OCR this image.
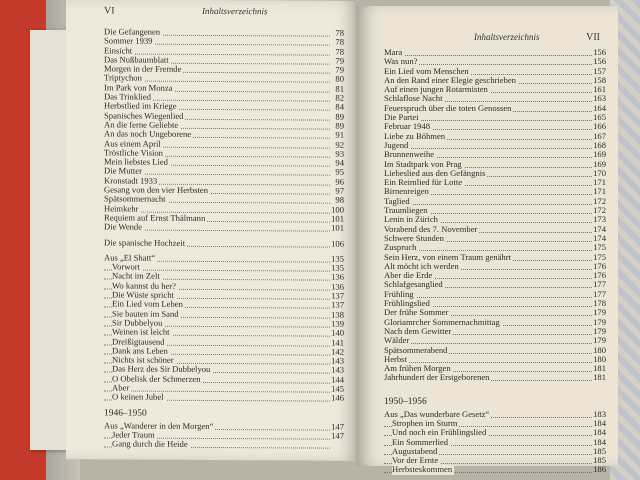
VI	Inhaltsverzeichnis
Die Gefangenen	78
Sommer 1939	78
Einsicht	78
Das Nußbaumblatt	79
Morgen in der Fremde	79
Triptychon	80
Im Park von Monza	81
Das Trinklied	82
Herbstlied im Kriege	84
Spanisches Wiegenlied	89
An die ferne Geliebte	89
An das noch Ungeborene	91
Aus einem April	92
Tröstliche Vision	93
Mein liebstes Lied	94
Die Mutter	95
Kronstadt 1933	96
Gesang von den vier Herbsten	97
Spätsommernacht	98
Heimkehr	100
Requiem auf Ernst Thälmann	101
Die Wende	101
Die spanische Hochzeit	106
Aus „El Shatt“	135
Vorwort	135
Nacht im Zelt	136
Wo kannst du her?	136
Die Wüste spricht	137
Ein Lied vom Leben	137
Sie bauten im Sand	138
Sir Dubbelyou	139
Weinen ist leicht	140
Dreißigtausend	141
Dank ans Leben	142
Nichts ist schöner	143
Das Herz des Sir Dubbelyou	143
O Obelisk der Schmerzen	144
Aber	145
O keinen Jubel	146
1946–1950
Aus „Wanderer in den Morgen“	147
Jeder Traum	147
Gang durch die Heide
Inhaltsverzeichnis	VII
Mara	156
Was nun?	156
Ein Lied vom Menschen	157
An den Rand einer Elegie geschrieben	158
Auf einen jungen Rotarmisten	161
Schlaflose Nacht	163
Feuerspruch über die toten Genossen	164
Die Partei	165
Februar 1948	166
Liebe zu Böhmen	167
Jugend	168
Brunnenweihe	169
Im Stadtpark von Prag	169
Liebeslied aus den Gefängnis	170
Ein Reimlied für Lotte	171
Birnenreigen	171
Taglied	172
Traumliegen	172
Lenin in Zürich	173
Vorabend des 7. November	174
Schwere Stunden	174
Zuspruch	175
Sein Herz, von einem Traum genährt	175
Alt möcht ich werden	176
Aber die Erde	176
Schlafgesanglied	177
Frühling	177
Frühlingslied	178
Der frühe Sommer	179
Gloriamrcher Sommernachmittag	179
Nach dem Gewitter	179
Wälder	179
Spätsommerabend	180
Herbst	180
Am frühen Morgen	181
Jahrhundert der Erstgeborenen	181
1950–1956
Aus „Das wunderbare Gesetz“	183
Strophen im Sturm	184
Und noch ein Frühlingslied	184
Ein Sommerlied	184
Augustabend	185
Vor der Ernte	185
Herbsteskommen	186
